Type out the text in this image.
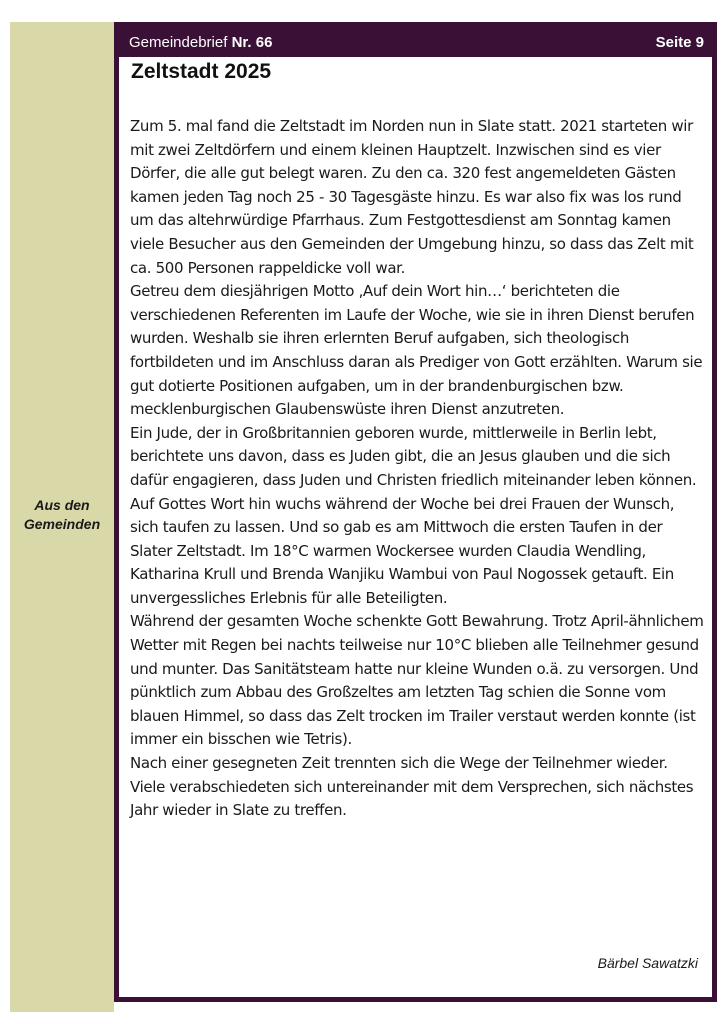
Aus den
Gemeinden
Gemeindebrief Nr. 66	Seite 9
Zeltstadt 2025

Zum 5. mal fand die Zeltstadt im Norden nun in Slate statt. 2021 starteten wir mit zwei Zeltdörfern und einem kleinen Hauptzelt. Inzwischen sind es vier Dörfer, die alle gut belegt waren. Zu den ca. 320 fest angemeldeten Gästen kamen jeden Tag noch 25 - 30 Tagesgäste hinzu. Es war also fix was los rund um das altehrwürdige Pfarrhaus. Zum Festgottesdienst am Sonntag kamen viele Besucher aus den Gemeinden der Umgebung hinzu, so dass das Zelt mit ca. 500 Personen rappeldicke voll war.

Getreu dem diesjährigen Motto ‚Auf dein Wort hin…‘ berichteten die verschiedenen Referenten im Laufe der Woche, wie sie in ihren Dienst berufen wurden. Weshalb sie ihren erlernten Beruf aufgaben, sich theologisch fortbildeten und im Anschluss daran als Prediger von Gott erzählten. Warum sie gut dotierte Positionen aufgaben, um in der brandenburgischen bzw. mecklenburgischen Glaubenswüste ihren Dienst anzutreten.

Ein Jude, der in Großbritannien geboren wurde, mittlerweile in Berlin lebt, berichtete uns davon, dass es Juden gibt, die an Jesus glauben und die sich dafür engagieren, dass Juden und Christen friedlich miteinander leben können.

Auf Gottes Wort hin wuchs während der Woche bei drei Frauen der Wunsch, sich taufen zu lassen. Und so gab es am Mittwoch die ersten Taufen in der Slater Zeltstadt. Im 18°C warmen Wockersee wurden Claudia Wendling, Katharina Krull und Brenda Wanjiku Wambui von Paul Nogossek getauft. Ein unvergessliches Erlebnis für alle Beteiligten.

Während der gesamten Woche schenkte Gott Bewahrung. Trotz April-ähnlichem Wetter mit Regen bei nachts teilweise nur 10°C blieben alle Teilnehmer gesund und munter. Das Sanitätsteam hatte nur kleine Wunden o.ä. zu versorgen. Und pünktlich zum Abbau des Großzeltes am letzten Tag schien die Sonne vom blauen Himmel, so dass das Zelt trocken im Trailer verstaut werden konnte (ist immer ein bisschen wie Tetris).

Nach einer gesegneten Zeit trennten sich die Wege der Teilnehmer wieder. Viele verabschiedeten sich untereinander mit dem Versprechen, sich nächstes Jahr wieder in Slate zu treffen.

Bärbel Sawatzki
